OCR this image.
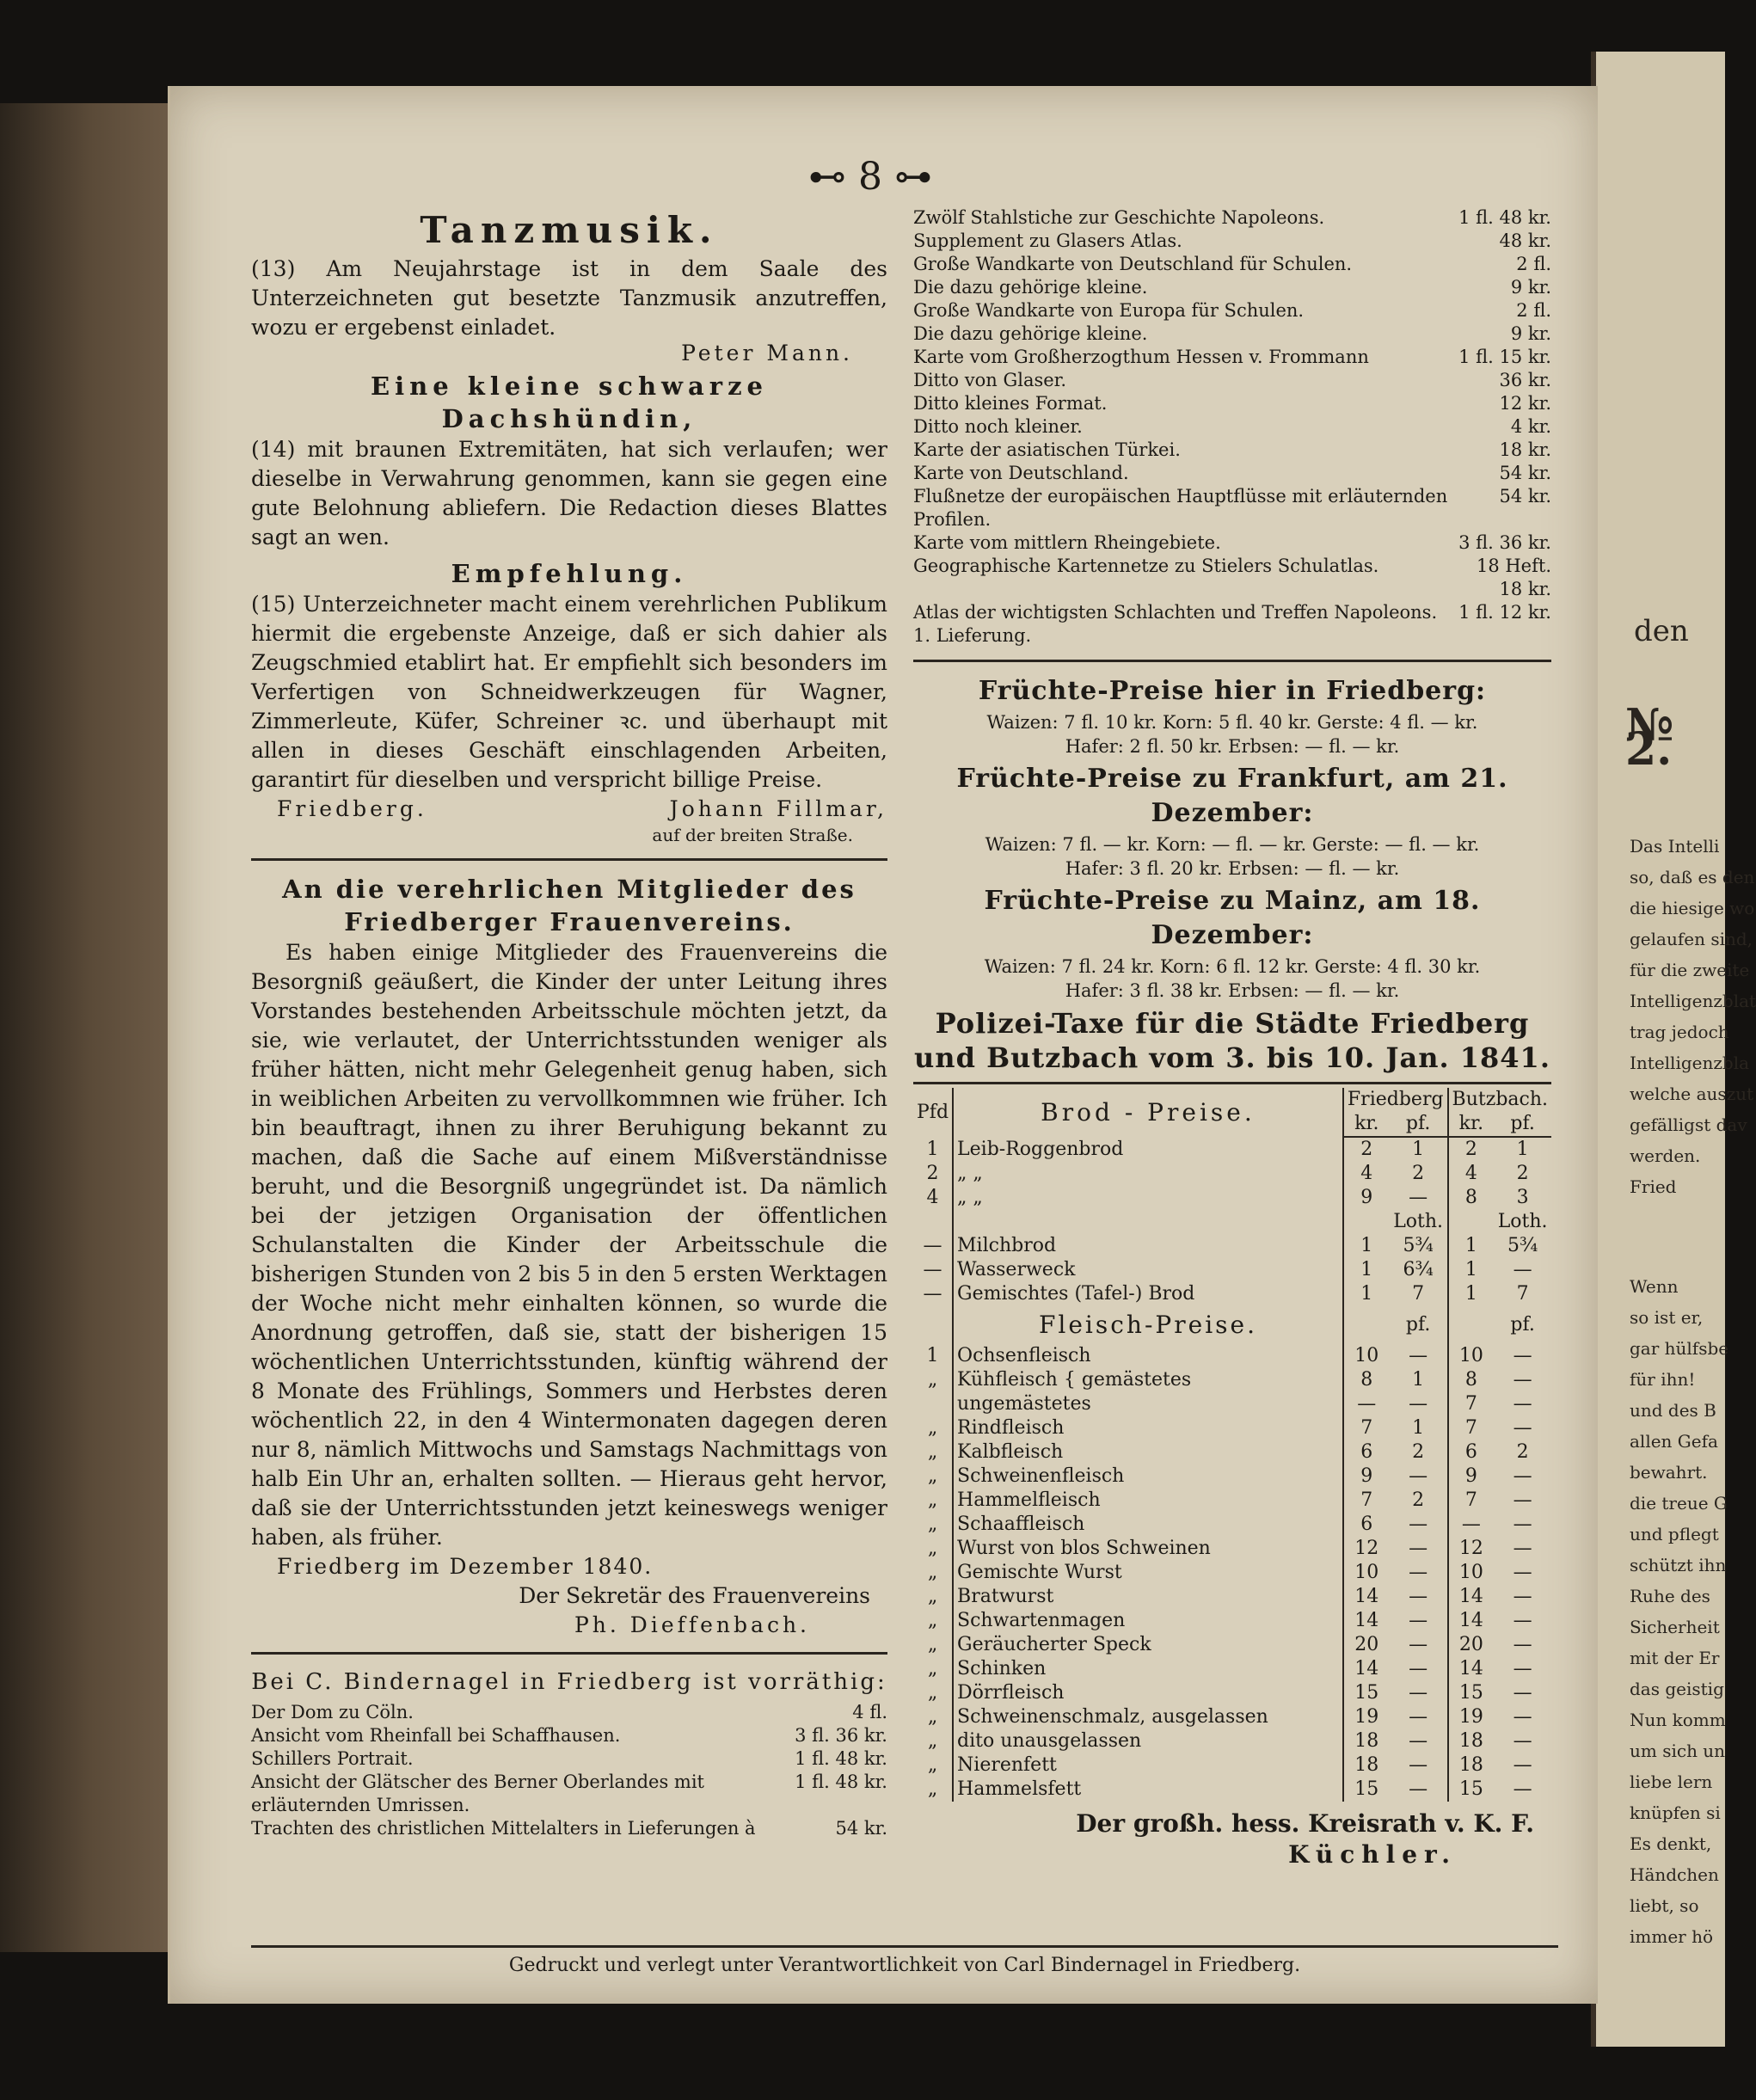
⊷ 8 ⊶
Tanzmusik.

(13) Am Neujahrstage ist in dem Saale des Unterzeichneten gut besetzte Tanzmusik anzutreffen, wozu er ergebenst einladet.

Peter Mann.
Eine kleine schwarze Dachshündin,

(14) mit braunen Extremitäten, hat sich verlaufen; wer dieselbe in Verwahrung genommen, kann sie gegen eine gute Belohnung abliefern. Die Redaction dieses Blattes sagt an wen.

Empfehlung.

(15) Unterzeichneter macht einem verehrlichen Publikum hiermit die ergebenste Anzeige, daß er sich dahier als Zeugschmied etablirt hat. Er empfiehlt sich besonders im Verfertigen von Schneidwerkzeugen für Wagner, Zimmerleute, Küfer, Schreiner ꝛc. und überhaupt mit allen in dieses Geschäft einschlagenden Arbeiten, garantirt für dieselben und verspricht billige Preise.

Friedberg.	Johann Fillmar,
auf der breiten Straße.
An die verehrlichen Mitglieder des Friedberger Frauenvereins.

Es haben einige Mitglieder des Frauenvereins die Besorgniß geäußert, die Kinder der unter Leitung ihres Vorstandes bestehenden Arbeitsschule möchten jetzt, da sie, wie verlautet, der Unterrichtsstunden weniger als früher hätten, nicht mehr Gelegenheit genug haben, sich in weiblichen Arbeiten zu vervollkommnen wie früher. Ich bin beauftragt, ihnen zu ihrer Beruhigung bekannt zu machen, daß die Sache auf einem Mißverständnisse beruht, und die Besorgniß ungegründet ist. Da nämlich bei der jetzigen Organisation der öffentlichen Schulanstalten die Kinder der Arbeitsschule die bisherigen Stunden von 2 bis 5 in den 5 ersten Werktagen der Woche nicht mehr einhalten können, so wurde die Anordnung getroffen, daß sie, statt der bisherigen 15 wöchentlichen Unterrichtsstunden, künftig während der 8 Monate des Frühlings, Sommers und Herbstes deren wöchentlich 22, in den 4 Wintermonaten dagegen deren nur 8, nämlich Mittwochs und Samstags Nachmittags von halb Ein Uhr an, erhalten sollten. — Hieraus geht hervor, daß sie der Unterrichtsstunden jetzt keineswegs weniger haben, als früher.

Friedberg im Dezember 1840.
Der Sekretär des Frauenvereins
Ph. Dieffenbach.
Bei C. Bindernagel in Friedberg ist vorräthig:
Der Dom zu Cöln.	4 fl.
Ansicht vom Rheinfall bei Schaffhausen.	3 fl. 36 kr.
Schillers Portrait.	1 fl. 48 kr.
Ansicht der Glätscher des Berner Oberlandes mit erläuternden Umrissen.
1 fl. 48 kr.
Trachten des christlichen Mittelalters in Lieferungen à	54 kr.
Zwölf Stahlstiche zur Geschichte Napoleons.	1 fl. 48 kr.
Supplement zu Glasers Atlas.	48 kr.
Große Wandkarte von Deutschland für Schulen.	2 fl.
Die dazu gehörige kleine.	9 kr.
Große Wandkarte von Europa für Schulen.	2 fl.
Die dazu gehörige kleine.	9 kr.
Karte vom Großherzogthum Hessen v. Frommann	1 fl. 15 kr.
Ditto von Glaser.	36 kr.
Ditto kleines Format.	12 kr.
Ditto noch kleiner.	4 kr.
Karte der asiatischen Türkei.	18 kr.
Karte von Deutschland.	54 kr.
Flußnetze der europäischen Hauptflüsse mit erläuternden Profilen.
54 kr.
Karte vom mittlern Rheingebiete.	3 fl. 36 kr.
Geographische Kartennetze zu Stielers Schulatlas.	18 Heft.
18 kr.
Atlas der wichtigsten Schlachten und Treffen Napoleons. 1. Lieferung.
1 fl. 12 kr.
Früchte-Preise hier in Friedberg:
Waizen: 7 fl. 10 kr. Korn: 5 fl. 40 kr. Gerste: 4 fl. — kr.
Hafer: 2 fl. 50 kr. Erbsen: — fl. — kr.
Früchte-Preise zu Frankfurt, am 21. Dezember:
Waizen: 7 fl. — kr. Korn: — fl. — kr. Gerste: — fl. — kr.
Hafer: 3 fl. 20 kr. Erbsen: — fl. — kr.
Früchte-Preise zu Mainz, am 18. Dezember:
Waizen: 7 fl. 24 kr. Korn: 6 fl. 12 kr. Gerste: 4 fl. 30 kr.
Hafer: 3 fl. 38 kr. Erbsen: — fl. — kr.
Polizei-Taxe für die Städte Friedberg und Butzbach vom 3. bis 10. Jan. 1841.
Pfd	Brod - Preise.	Friedberg		Butzbach.	
		kr.	pf.	kr.	pf.
1	Leib-Roggenbrod	2	1	2	1
2	„ „	4	2	4	2
4	„ „	9	—	8	3
			Loth.		Loth.
—	Milchbrod	1	5¾	1	5¾
—	Wasserweck	1	6¾	1	—
—	Gemischtes (Tafel-) Brod	1	7	1	7
	Fleisch-Preise.		pf.		pf.
1	Ochsenfleisch	10	—	10	—
„	Kühfleisch { gemästetes	8	1	8	—
	ungemästetes	—	—	7	—
„	Rindfleisch	7	1	7	—
„	Kalbfleisch	6	2	6	2
„	Schweinenfleisch	9	—	9	—
„	Hammelfleisch	7	2	7	—
„	Schaaffleisch	6	—	—	—
„	Wurst von blos Schweinen	12	—	12	—
„	Gemischte Wurst	10	—	10	—
„	Bratwurst	14	—	14	—
„	Schwartenmagen	14	—	14	—
„	Geräucherter Speck	20	—	20	—
„	Schinken	14	—	14	—
„	Dörrfleisch	15	—	15	—
„	Schweinenschmalz, ausgelassen	19	—	19	—
„	dito unausgelassen	18	—	18	—
„	Nierenfett	18	—	18	—
„	Hammelsfett	15	—	15	—
Der großh. hess. Kreisrath v. K. F.
Küchler.
Gedruckt und verlegt unter Verantwortlichkeit von Carl Bindernagel in Friedberg.
den
№ 2.
Das Intelli
so, daß es den
die hiesige wo
gelaufen sind,
für die zweite
Intelligenzblat
trag jedoch
Intelligenzbla
welche auszut
gefälligst dav
werden.
Fried
Wenn
so ist er,
gar hülfsbe
für ihn!
und des B
allen Gefa
bewahrt.
die treue G
und pflegt
schützt ihn
Ruhe des
Sicherheit
mit der Er
das geistig
Nun komm
um sich un
liebe lern
knüpfen si
Es denkt,
Händchen
liebt, so
immer hö
